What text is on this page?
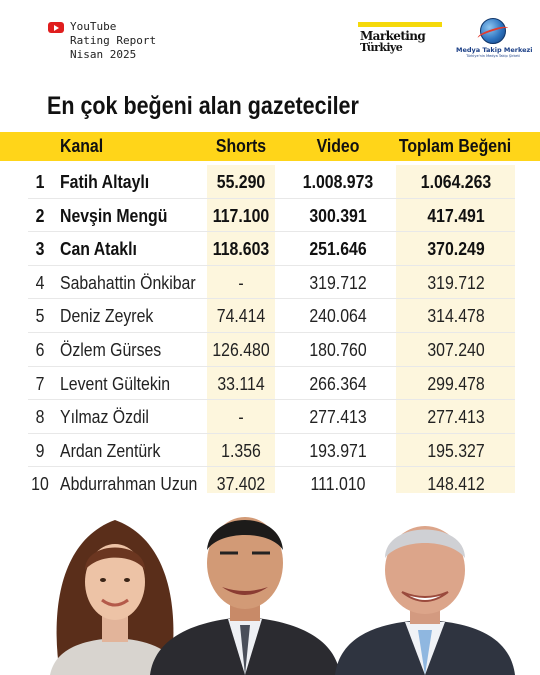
YouTube
Rating Report
Nisan 2025
Marketing
Türkiye	Medya Takip Merkezi
Türkiye'nin Medya Takip Şirketi
En çok beğeni alan gazeteciler
Kanal	Shorts	Video Toplam Beğeni
1 Fatih Altaylı	55.290 1.008.973	1.064.263
2 Nevşin Mengü	117.100 300.391	417.491
3 Can Ataklı	118.603 251.646	370.249
4 Sabahattin Önkibar -	319.712	319.712
5 Deniz Zeyrek	74.414 240.064	314.478
6 Özlem Gürses	126.480 180.760	307.240
7 Levent Gültekin	33.114 266.364	299.478
8 Yılmaz Özdil	-	277.413	277.413
9 Ardan Zentürk	1.356	193.971	195.327
10 Abdurrahman Uzun 37.402	111.010	148.412
